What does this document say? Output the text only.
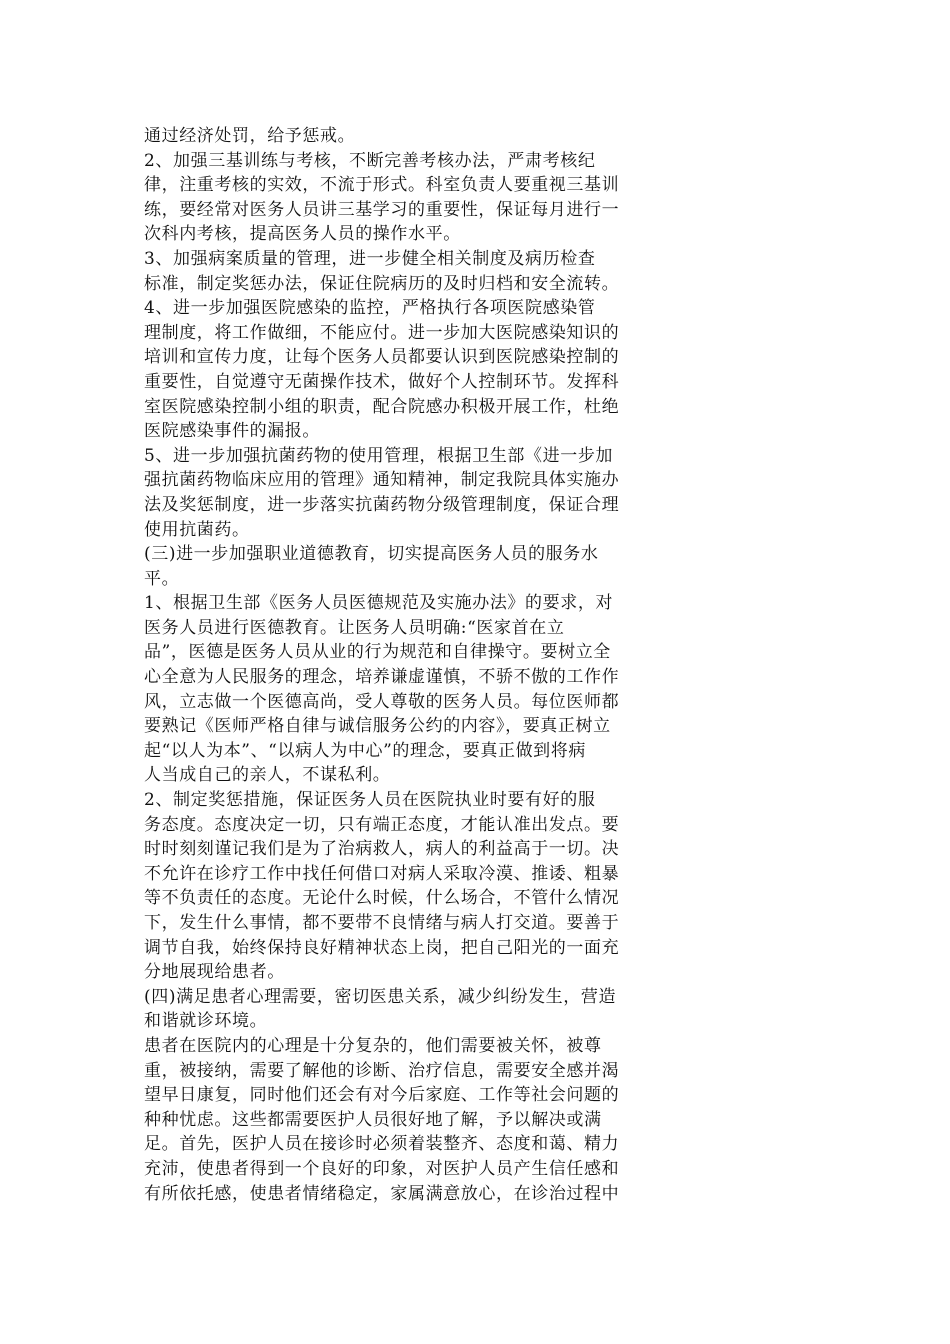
通过经济处罚，给予惩戒。
2、加强三基训练与考核，不断完善考核办法，严肃考核纪
律，注重考核的实效，不流于形式。科室负责人要重视三基训
练，要经常对医务人员讲三基学习的重要性，保证每月进行一
次科内考核，提高医务人员的操作水平。
3、加强病案质量的管理，进一步健全相关制度及病历检查
标准，制定奖惩办法，保证住院病历的及时归档和安全流转。
4、进一步加强医院感染的监控，严格执行各项医院感染管
理制度，将工作做细，不能应付。进一步加大医院感染知识的
培训和宣传力度，让每个医务人员都要认识到医院感染控制的
重要性，自觉遵守无菌操作技术，做好个人控制环节。发挥科
室医院感染控制小组的职责，配合院感办积极开展工作，杜绝
医院感染事件的漏报。
5、进一步加强抗菌药物的使用管理，根据卫生部《进一步加
强抗菌药物临床应用的管理》通知精神，制定我院具体实施办
法及奖惩制度，进一步落实抗菌药物分级管理制度，保证合理
使用抗菌药。
(三)进一步加强职业道德教育，切实提高医务人员的服务水
平。
1、根据卫生部《医务人员医德规范及实施办法》的要求，对
医务人员进行医德教育。让医务人员明确:“医家首在立
品”，医德是医务人员从业的行为规范和自律操守。要树立全
心全意为人民服务的理念，培养谦虚谨慎，不骄不傲的工作作
风，立志做一个医德高尚，受人尊敬的医务人员。每位医师都
要熟记《医师严格自律与诚信服务公约的内容》，要真正树立
起“以人为本”、“以病人为中心”的理念，要真正做到将病
人当成自己的亲人，不谋私利。
2、制定奖惩措施，保证医务人员在医院执业时要有好的服
务态度。态度决定一切，只有端正态度，才能认准出发点。要
时时刻刻谨记我们是为了治病救人，病人的利益高于一切。决
不允许在诊疗工作中找任何借口对病人采取冷漠、推诿、粗暴
等不负责任的态度。无论什么时候，什么场合，不管什么情况
下，发生什么事情，都不要带不良情绪与病人打交道。要善于
调节自我，始终保持良好精神状态上岗，把自己阳光的一面充
分地展现给患者。
(四)满足患者心理需要，密切医患关系，减少纠纷发生，营造
和谐就诊环境。
患者在医院内的心理是十分复杂的，他们需要被关怀，被尊
重，被接纳，需要了解他的诊断、治疗信息，需要安全感并渴
望早日康复，同时他们还会有对今后家庭、工作等社会问题的
种种忧虑。这些都需要医护人员很好地了解，予以解决或满
足。首先，医护人员在接诊时必须着装整齐、态度和蔼、精力
充沛，使患者得到一个良好的印象，对医护人员产生信任感和
有所依托感，使患者情绪稳定，家属满意放心，在诊治过程中
